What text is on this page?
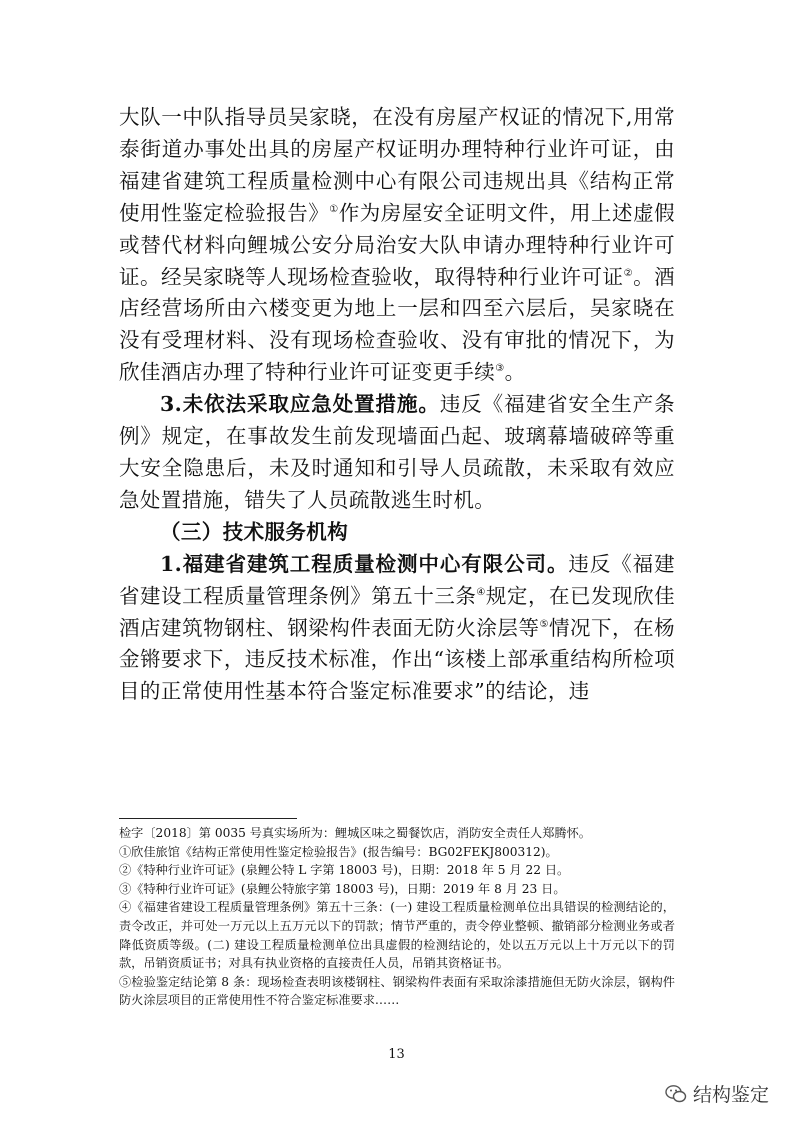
大队一中队指导员吴家晓，在没有房屋产权证的情况下,用常泰街道办事处出具的房屋产权证明办理特种行业许可证，由福建省建筑工程质量检测中心有限公司违规出具《结构正常使用性鉴定检验报告》①作为房屋安全证明文件，用上述虚假或替代材料向鲤城公安分局治安大队申请办理特种行业许可证。经吴家晓等人现场检查验收，取得特种行业许可证②。酒店经营场所由六楼变更为地上一层和四至六层后，吴家晓在没有受理材料、没有现场检查验收、没有审批的情况下，为欣佳酒店办理了特种行业许可证变更手续③。

3.未依法采取应急处置措施。违反《福建省安全生产条例》规定，在事故发生前发现墙面凸起、玻璃幕墙破碎等重大安全隐患后，未及时通知和引导人员疏散，未采取有效应急处置措施，错失了人员疏散逃生时机。

（三）技术服务机构

1.福建省建筑工程质量检测中心有限公司。违反《福建省建设工程质量管理条例》第五十三条④规定，在已发现欣佳酒店建筑物钢柱、钢梁构件表面无防火涂层等⑤情况下，在杨金锵要求下，违反技术标准，作出“该楼上部承重结构所检项目的正常使用性基本符合鉴定标准要求”的结论，违

检字〔2018〕第 0035 号真实场所为：鲤城区味之蜀餐饮店，消防安全责任人郑腾怀。

①欣佳旅馆《结构正常使用性鉴定检验报告》(报告编号：BG02FEKJ800312)。

②《特种行业许可证》(泉鲤公特 L 字第 18003 号)，日期：2018 年 5 月 22 日。

③《特种行业许可证》(泉鲤公特旅字第 18003 号)，日期：2019 年 8 月 23 日。

④《福建省建设工程质量管理条例》第五十三条：(一) 建设工程质量检测单位出具错误的检测结论的，责令改正，并可处一万元以上五万元以下的罚款；情节严重的，责令停业整顿、撤销部分检测业务或者降低资质等级。(二) 建设工程质量检测单位出具虚假的检测结论的，处以五万元以上十万元以下的罚款，吊销资质证书；对具有执业资格的直接责任人员，吊销其资格证书。

⑤检验鉴定结论第 8 条：现场检查表明该楼钢柱、钢梁构件表面有采取涂漆措施但无防火涂层，钢构件防火涂层项目的正常使用性不符合鉴定标准要求……

13
结构鉴定
